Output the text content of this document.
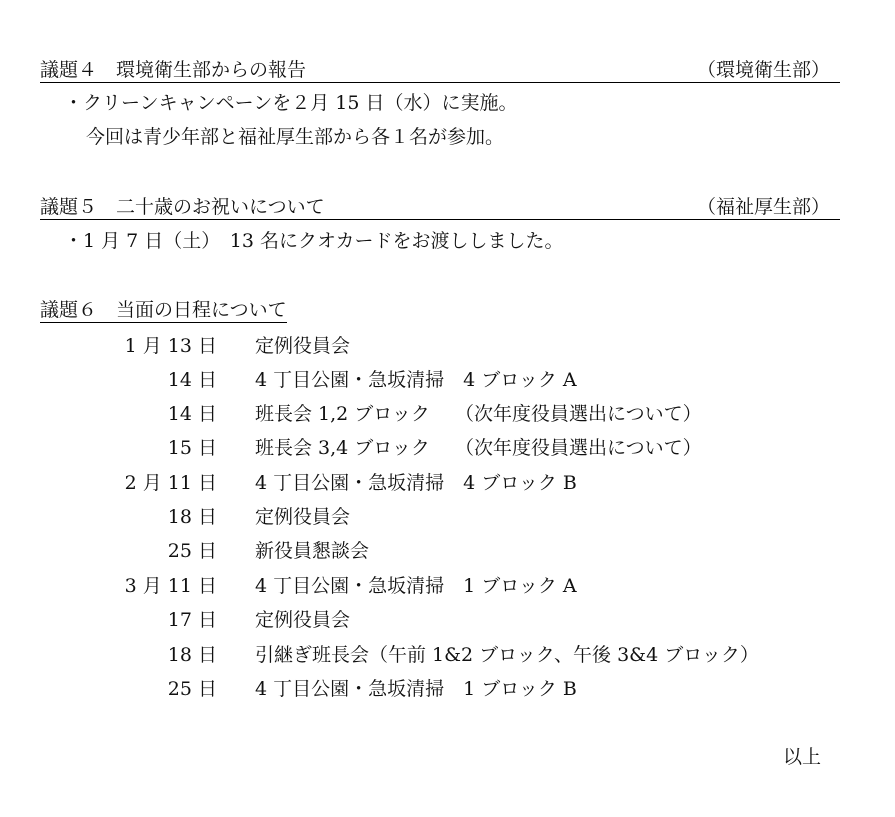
議題４　環境衛生部からの報告	（環境衛生部）
・クリーンキャンペーンを２月 15 日（水）に実施。
今回は青少年部と福祉厚生部から各１名が参加。
議題５　二十歳のお祝いについて	（福祉厚生部）
・1 月 7 日（土）　13 名にクオカードをお渡ししました。
議題６　当面の日程について
1 月 13 日 定例役員会
14 日 4 丁目公園・急坂清掃　4 ブロック A
14 日 班長会 1,2 ブロック　 （次年度役員選出について）
15 日 班長会 3,4 ブロック　 （次年度役員選出について）
2 月 11 日 4 丁目公園・急坂清掃　4 ブロック B
18 日 定例役員会
25 日 新役員懇談会
3 月 11 日 4 丁目公園・急坂清掃　1 ブロック A
17 日 定例役員会
18 日 引継ぎ班長会（午前 1&2 ブロック、午後 3&4 ブロック）
25 日 4 丁目公園・急坂清掃　1 ブロック B
以上
